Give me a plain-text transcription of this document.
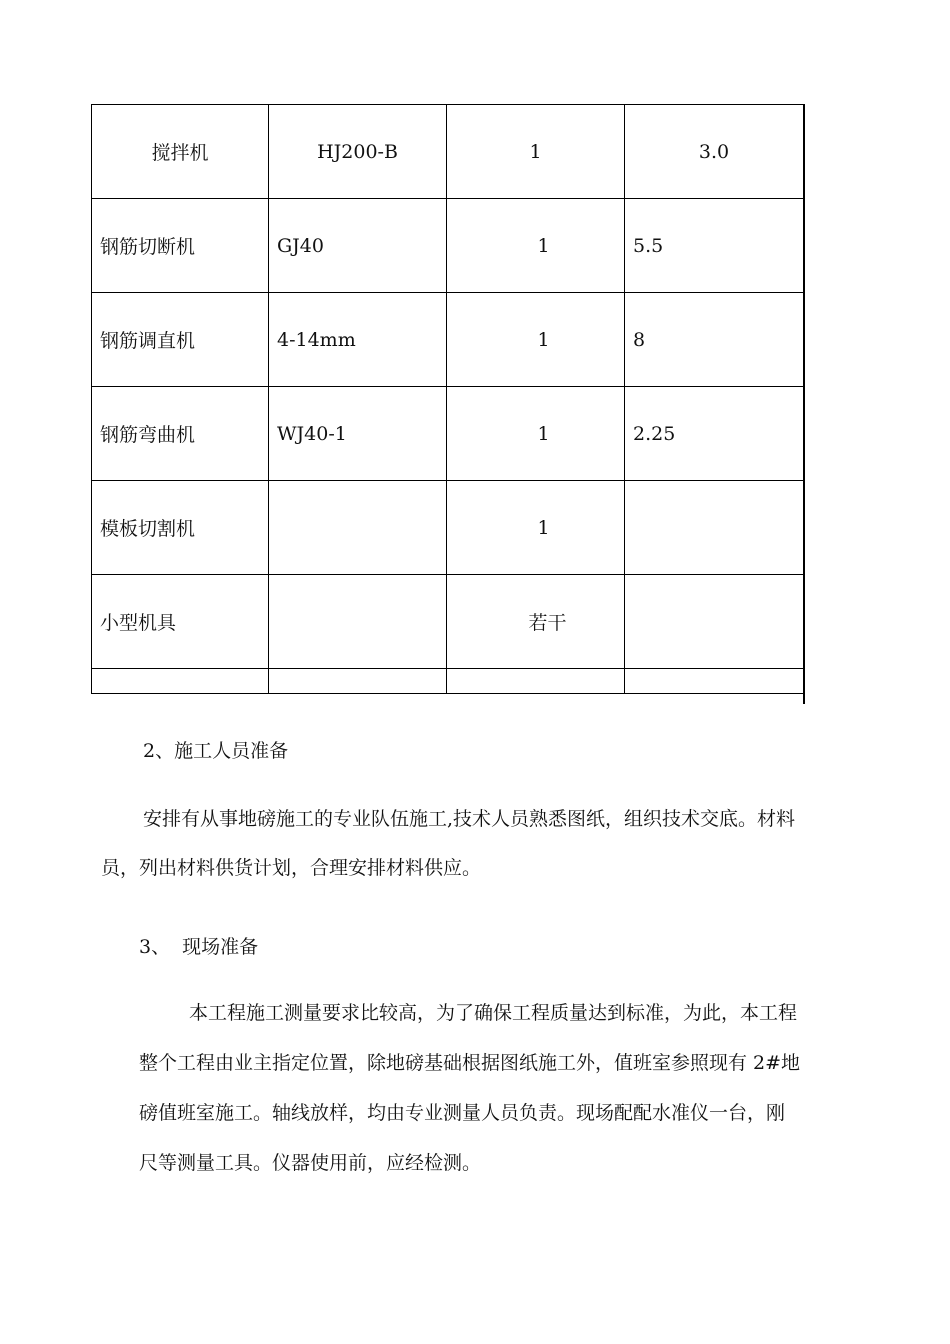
搅拌机	HJ200-B	1	3.0
钢筋切断机	GJ40	1	5.5
钢筋调直机	4-14mm	1	8
钢筋弯曲机	WJ40-1	1	2.25
模板切割机		1	
小型机具		若干	

2、施工人员准备
安排有从事地磅施工的专业队伍施工,技术人员熟悉图纸，组织技术交底。材料
员，列出材料供货计划，合理安排材料供应。
3、  现场准备
本工程施工测量要求比较高，为了确保工程质量达到标准，为此，本工程
整个工程由业主指定位置，除地磅基础根据图纸施工外，值班室参照现有 2#地
磅值班室施工。轴线放样，均由专业测量人员负责。现场配配水准仪一台，刚
尺等测量工具。仪器使用前，应经检测。
